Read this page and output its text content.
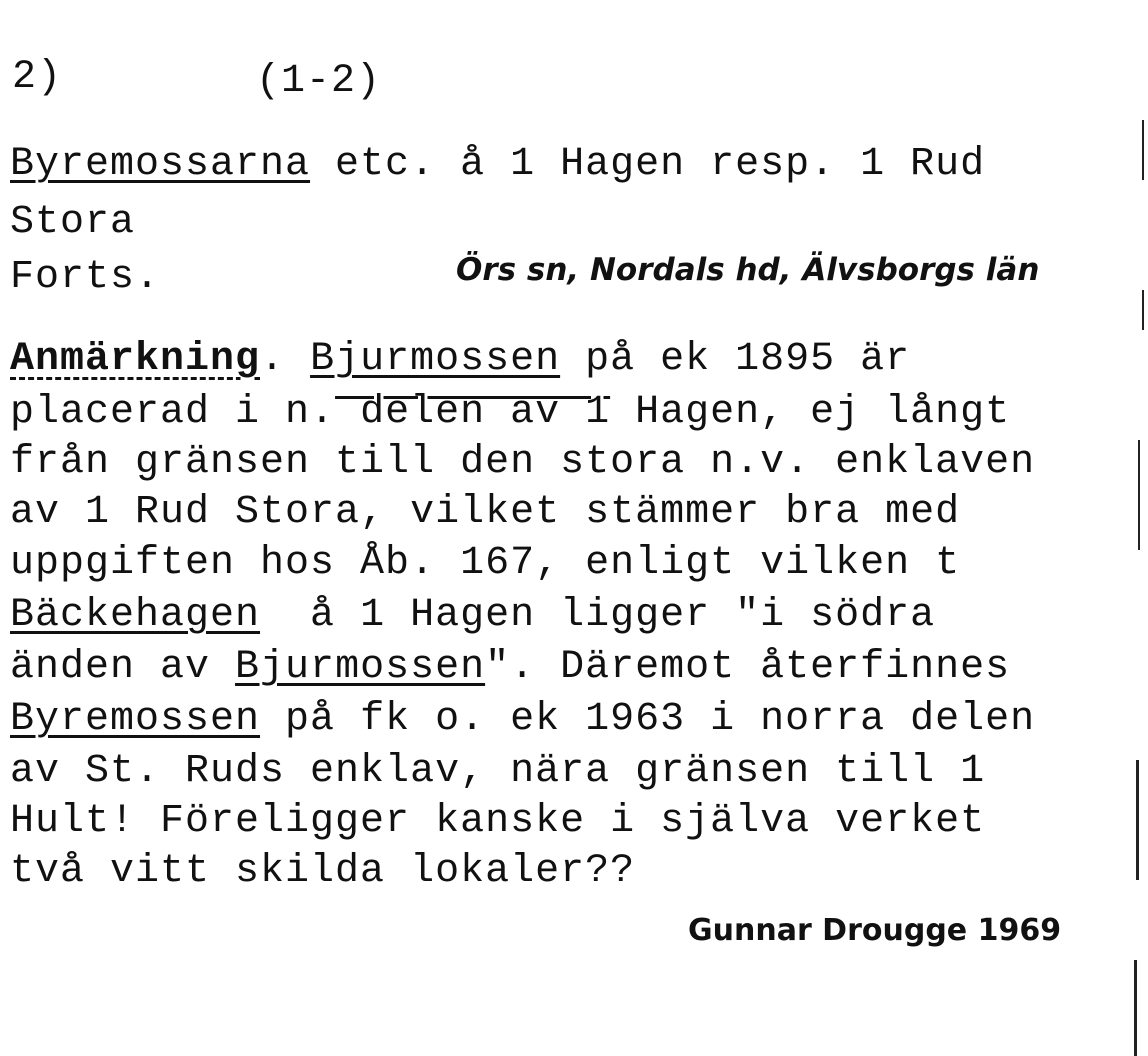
2)	(1-2)
Byremossarna etc. å 1 Hagen resp. 1 Rud
Stora
Forts.	Örs sn, Nordals hd, Älvsborgs län
Anmärkning. Bjurmossen på ek 1895 är
placerad i n. delen av 1 Hagen, ej långt
från gränsen till den stora n.v. enklaven
av 1 Rud Stora, vilket stämmer bra med
uppgiften hos Åb. 167, enligt vilken t
Bäckehagen  å 1 Hagen ligger "i södra
änden av Bjurmossen". Däremot återfinnes
Byremossen på fk o. ek 1963 i norra delen
av St. Ruds enklav, nära gränsen till 1
Hult! Föreligger kanske i själva verket
två vitt skilda lokaler??
Gunnar Drougge 1969
